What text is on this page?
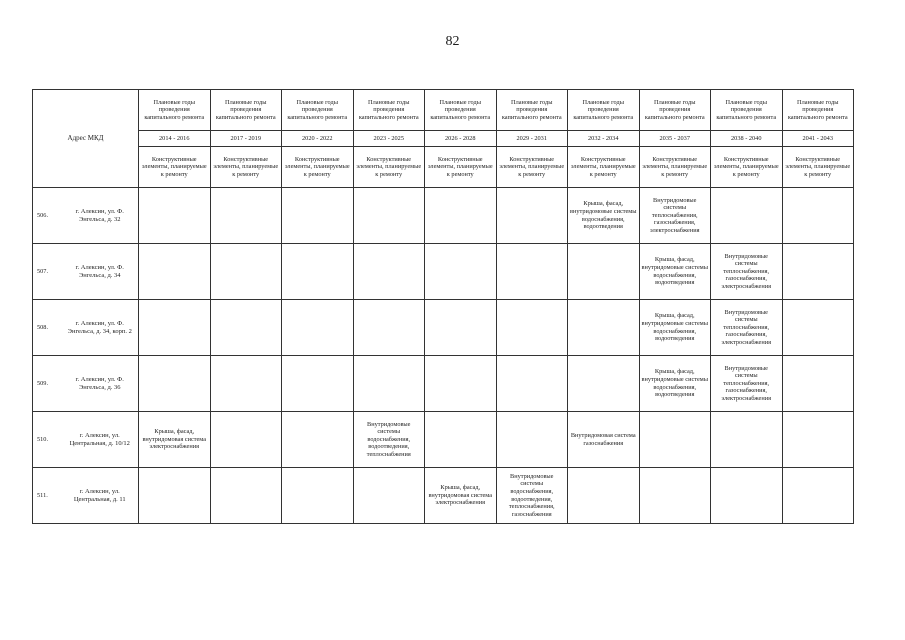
82
Адрес МКД		Плановые годы проведения капитального ремонта	Плановые годы проведения капитального ремонта	Плановые годы проведения капитального ремонта	Плановые годы проведения капитального ремонта	Плановые годы проведения капитального ремонта	Плановые годы проведения капитального ремонта	Плановые годы проведения капитального ремонта	Плановые годы проведения капитального ремонта	Плановые годы проведения капитального ремонта	Плановые годы проведения капитального ремонта
		2014 - 2016	2017 - 2019	2020 - 2022	2023 - 2025	2026 - 2028	2029 - 2031	2032 - 2034	2035 - 2037	2038 - 2040	2041 - 2043
		Конструктивные элементы, планируемые к ремонту	Конструктивные элементы, планируемые к ремонту	Конструктивные элементы, планируемые к ремонту	Конструктивные элементы, планируемые к ремонту	Конструктивные элементы, планируемые к ремонту	Конструктивные элементы, планируемые к ремонту	Конструктивные элементы, планируемые к ремонту	Конструктивные элементы, планируемые к ремонту	Конструктивные элементы, планируемые к ремонту	Конструктивные элементы, планируемые к ремонту
506.	г. Алексин, ул. Ф. Энгельса, д. 32							Крыша, фасад, внутридомовые системы водоснабжения, водоотведения	Внутридомовые системы теплоснабжения, газоснабжения, электроснабжения		
507.	г. Алексин, ул. Ф. Энгельса, д. 34								Крыша, фасад, внутридомовые системы водоснабжения, водоотведения	Внутридомовые системы теплоснабжения, газоснабжения, электроснабжения	
508.	г. Алексин, ул. Ф. Энгельса, д. 34, корп. 2								Крыша, фасад, внутридомовые системы водоснабжения, водоотведения	Внутридомовые системы теплоснабжения, газоснабжения, электроснабжения	
509.	г. Алексин, ул. Ф. Энгельса, д. 36								Крыша, фасад, внутридомовые системы водоснабжения, водоотведения	Внутридомовые системы теплоснабжения, газоснабжения, электроснабжения	
510.	г. Алексин, ул. Центральная, д. 10/12	Крыша, фасад, внутридомовая система электроснабжения			Внутридомовые системы водоснабжения, водоотведения, теплоснабжения			Внутридомовая система газоснабжения			
511.	г. Алексин, ул. Центральная, д. 11					Крыша, фасад, внутридомовая система электроснабжения	Внутридомовые системы водоснабжения, водоотведения, теплоснабжения, газоснабжения				
